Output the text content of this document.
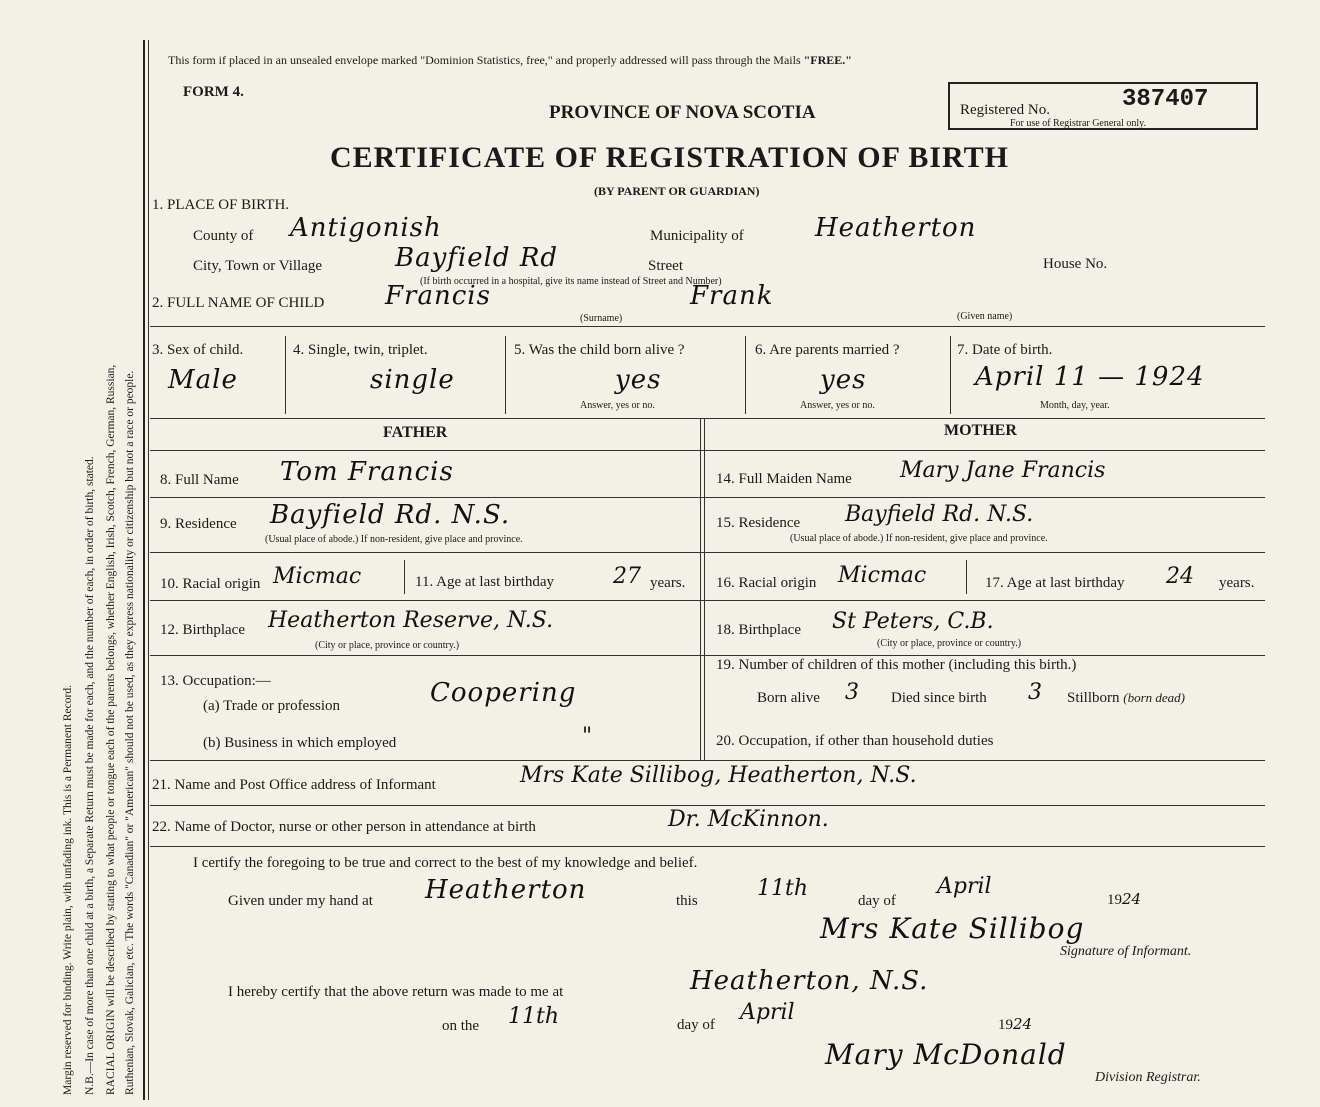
Margin reserved for binding. Write plain, with unfading ink. This is a Permanent Record. N.B.—In case of more than one child at a birth, a Separate Return must be made for each, and the number of each, in order of birth, stated. RACIAL ORIGIN will be described by stating to what people or tongue each of the parents belongs, whether English, Irish, Scotch, French, German, Russian, Ruthenian, Slovak, Galician, etc. The words "Canadian" or "American" should not be used, as they express nationality or citizenship but not a race or people.
This form if placed in an unsealed envelope marked "Dominion Statistics, free," and properly addressed will pass through the Mails "FREE."
FORM 4.
PROVINCE OF NOVA SCOTIA
CERTIFICATE OF REGISTRATION OF BIRTH
(BY PARENT OR GUARDIAN)
Registered No.	387407
For use of Registrar General only.
1. PLACE OF BIRTH.
County of Antigonish	Municipality of	Heatherton
City, Town or Village	Bayfield Rd	Street
(If birth occurred in a hospital, give its name instead of Street and Number)
House No.
2. FULL NAME OF CHILD Francis	Frank
(Surname)	(Given name)
3. Sex of child.
Male
4. Single, twin, triplet.
single
5. Was the child born alive ?
yes
Answer, yes or no.
6. Are parents married ?
yes
Answer, yes or no.
7. Date of birth.
April 11 — 1924
Month, day, year.
FATHER	MOTHER
8. Full Name Tom Francis
9. Residence Bayfield Rd. N.S.
(Usual place of abode.) If non-resident, give place and province.
10. Racial origin Micmac	11. Age at last birthday	27 years.
12. Birthplace Heatherton Reserve, N.S.
(City or place, province or country.)
13. Occupation:—
(a) Trade or profession	Coopering
(b) Business in which employed	"
14. Full Maiden Name Mary Jane Francis
15. Residence Bayfield Rd. N.S.
(Usual place of abode.) If non-resident, give place and province.
16. Racial origin Micmac	17. Age at last birthday 24 years.
18. Birthplace St Peters, C.B.
(City or place, province or country.)
19. Number of children of this mother (including this birth.)
Born alive 3 Died since birth 3 Stillborn (born dead)
20. Occupation, if other than household duties
21. Name and Post Office address of Informant	Mrs Kate Sillibog, Heatherton, N.S.
22. Name of Doctor, nurse or other person in attendance at birth	Dr. McKinnon.
I certify the foregoing to be true and correct to the best of my knowledge and belief.
Given under my hand at Heatherton	this	11th	day of
April
1924
Mrs Kate Sillibog
Signature of Informant.
I hereby certify that the above return was made to me at	Heatherton, N.S.
on the 11th	day of April	1924
Mary McDonald
Division Registrar.
